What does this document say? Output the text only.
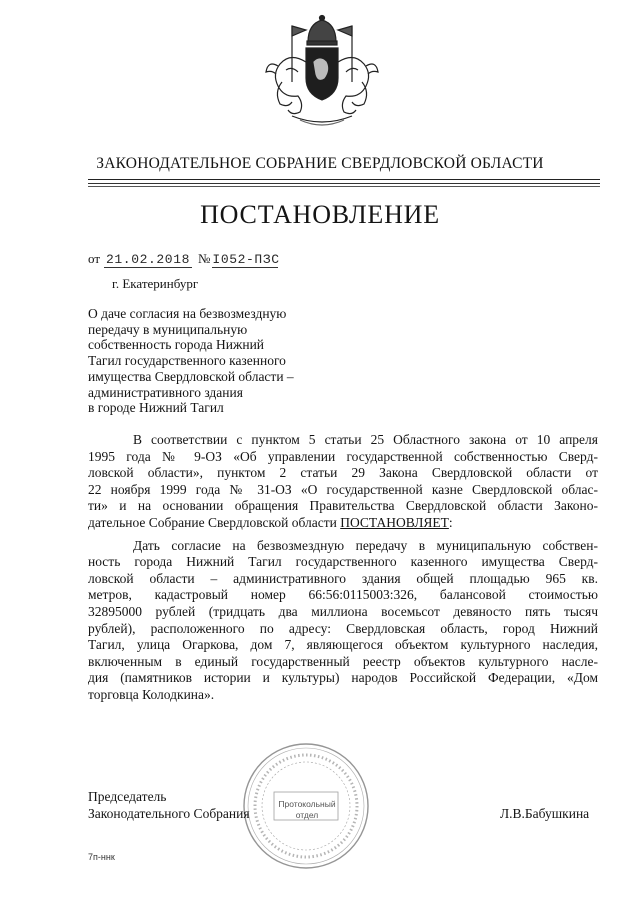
ЗАКОНОДАТЕЛЬНОЕ СОБРАНИЕ СВЕРДЛОВСКОЙ ОБЛАСТИ
ПОСТАНОВЛЕНИЕ
от 21.02.2018 № I052-ПЗС
г. Екатеринбург
О даче согласия на безвозмездную
передачу в муниципальную
собственность города Нижний
Тагил государственного казенного
имущества Свердловской области –
административного здания
в городе Нижний Тагил
В соответствии с пунктом 5 статьи 25 Областного закона от 10 апреля
1995 года № 9-ОЗ «Об управлении государственной собственностью Сверд-
ловской области», пунктом 2 статьи 29 Закона Свердловской области от
22 ноября 1999 года № 31-ОЗ «О государственной казне Свердловской облас-
ти» и на основании обращения Правительства Свердловской области Законо-
дательное Собрание Свердловской области ПОСТАНОВЛЯЕТ:
Дать согласие на безвозмездную передачу в муниципальную собствен-
ность города Нижний Тагил государственного казенного имущества Сверд-
ловской области – административного здания общей площадью 965 кв.
метров, кадастровый номер 66:56:0115003:326, балансовой стоимостью
32895000 рублей (тридцать два миллиона восемьсот девяносто пять тысяч
рублей), расположенного по адресу: Свердловская область, город Нижний
Тагил, улица Огаркова, дом 7, являющегося объектом культурного наследия,
включенным в единый государственный реестр объектов культурного насле-
дия (памятников истории и культуры) народов Российской Федерации, «Дом
торговца Колодкина».
Протокольный
отдел
Председатель
Законодательного Собрания	Л.В.Бабушкина
7п-ннк
